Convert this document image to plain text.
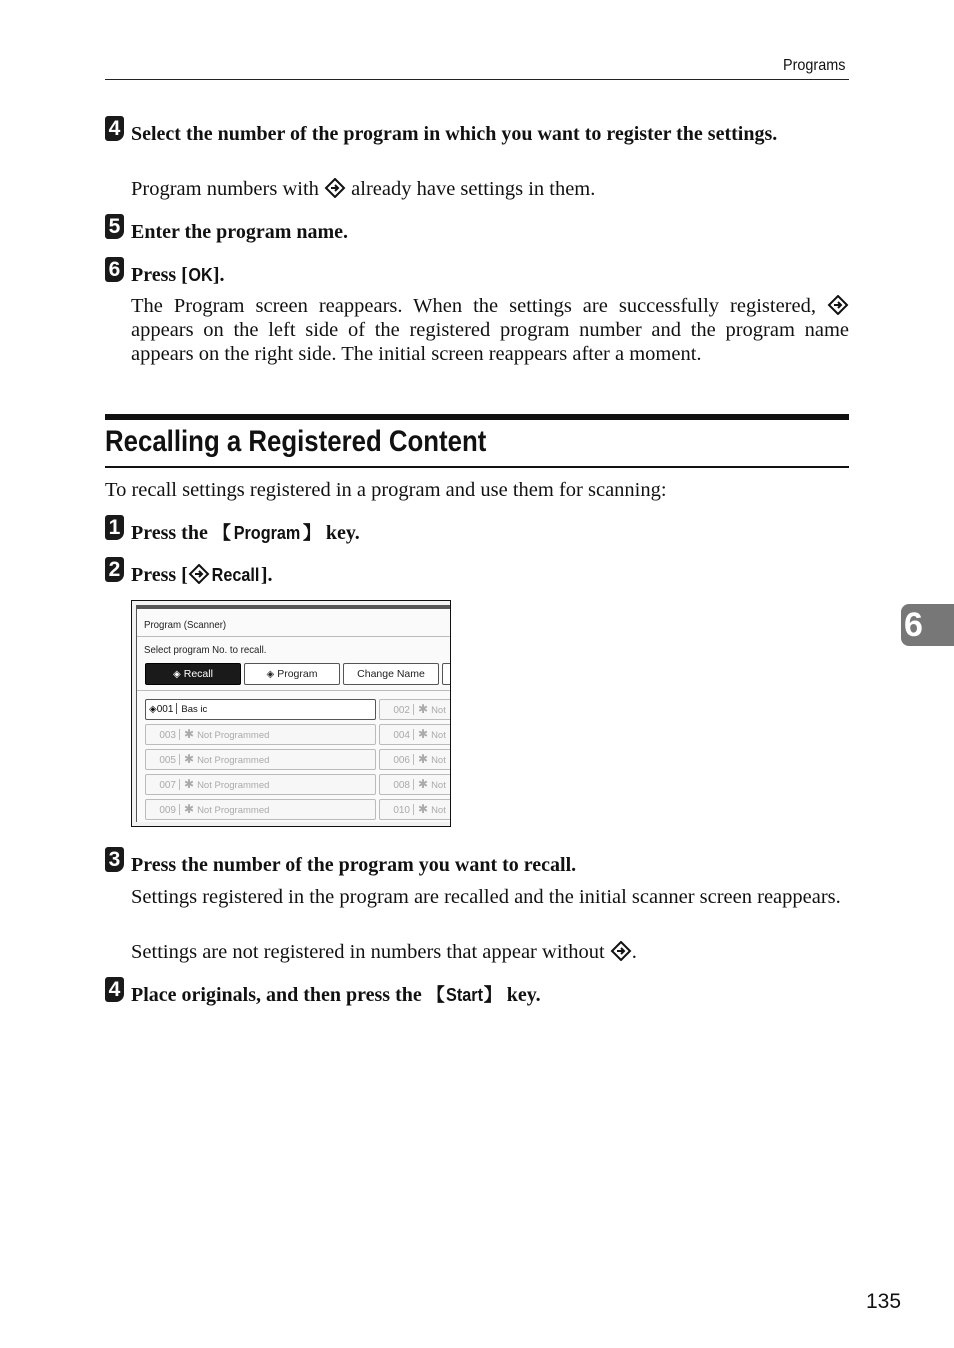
Programs
4 Select the number of the program in which you want to register the settings.
Program numbers with  already have settings in them.
5 Enter the program name.
6 Press [OK].
The Program screen reappears. When the settings are successfully registered,  appears on the left side of the registered program number and the program name appears on the right side. The initial screen reappears after a moment.
Recalling a Registered Content
To recall settings registered in a program and use them for scanning:
1 Press the 【 Program 】 key.
2 Press [ Recall].
Program (Scanner)
Select program No. to recall.
◈ Recall	◈ Program	Change Name
◈001 Bas ic
003 ✱ Not Programmed
005 ✱ Not Programmed
007 ✱ Not Programmed
009 ✱ Not Programmed
002 ✱ Not
004 ✱ Not
006 ✱ Not
008 ✱ Not
010 ✱ Not
3 Press the number of the program you want to recall.
Settings registered in the program are recalled and the initial scanner screen reappears.
Settings are not registered in numbers that appear without .
4 Place originals, and then press the 【Start】 key.
6
135
